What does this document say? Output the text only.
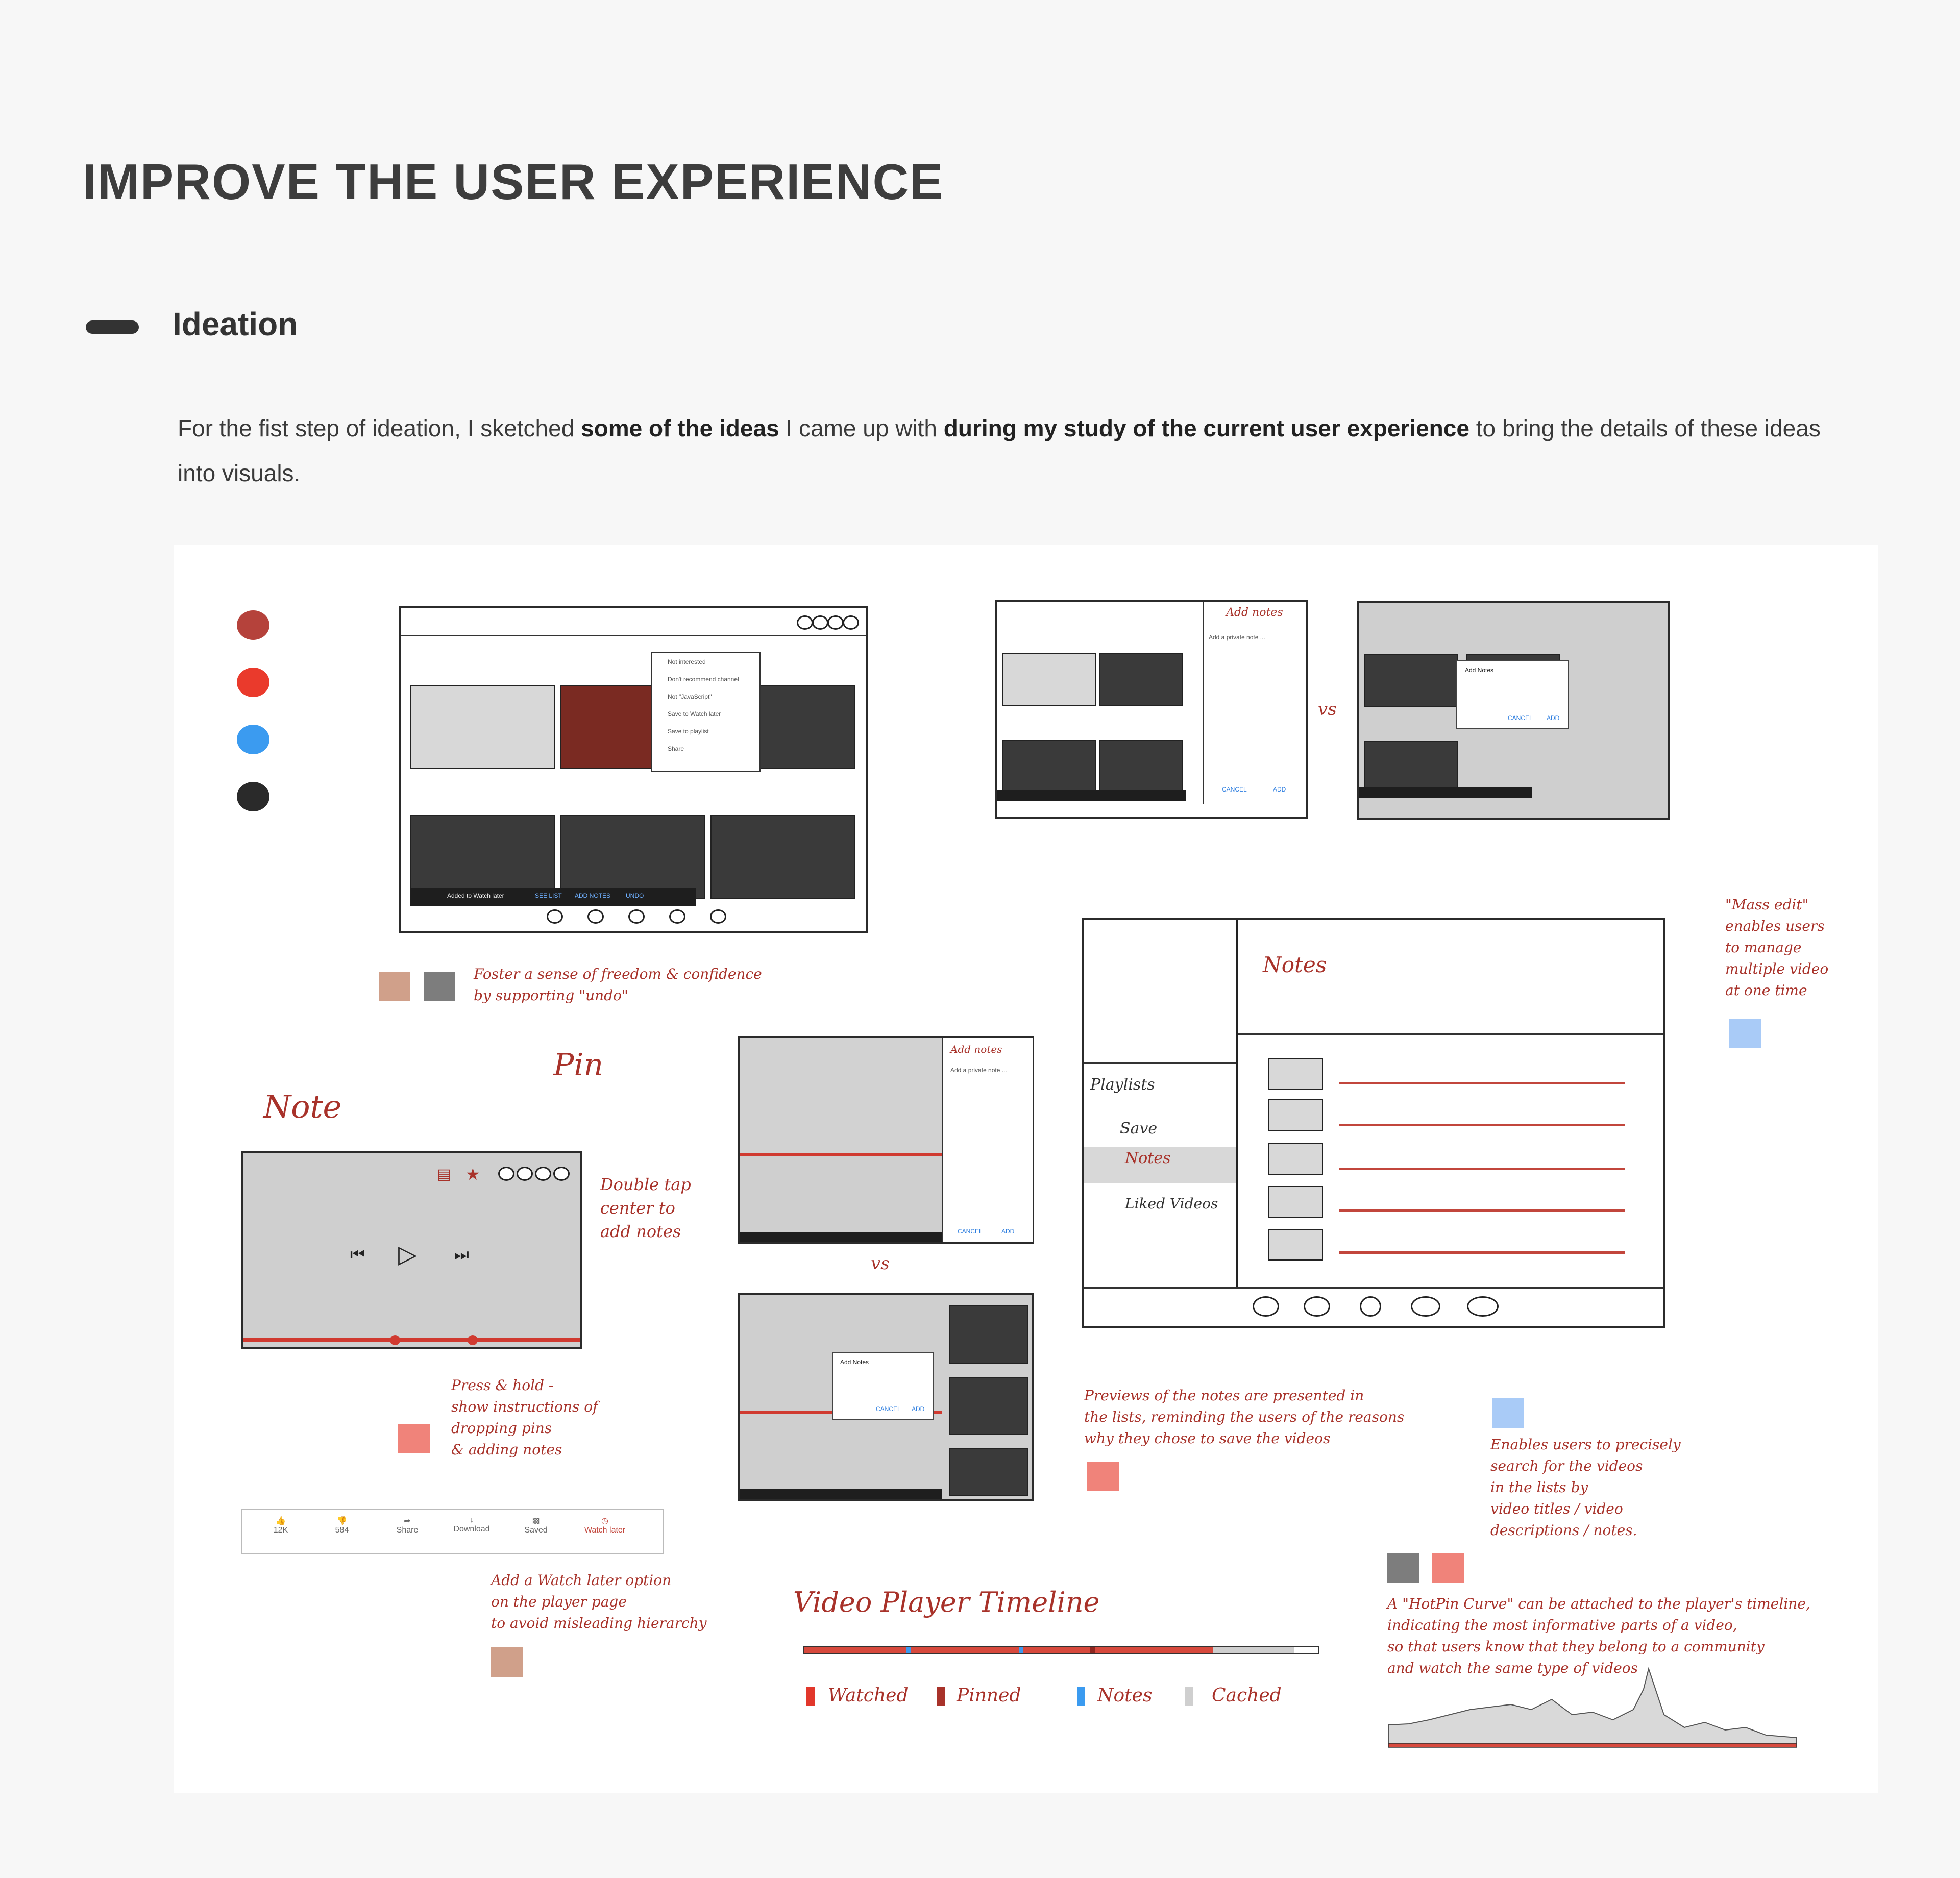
IMPROVE THE USER EXPERIENCE
Ideation
For the fist step of ideation, I sketched some of the ideas I came up with during my study of the current user experience to bring the details of these ideas into visuals.
Added to Watch later	SEE LIST ADD NOTES UNDO
Not interested
Don't recommend channel
Not "JavaScript"
Save to Watch later
Save to playlist
Share
Foster a sense of freedom & confidence
by supporting "undo"
Add notes
Add a private note ...
CANCEL	ADD
vs
Add Notes
CANCEL ADD
Playlists
Save
Notes
Liked Videos
Notes
"Mass edit"
enables users
to manage
multiple video
at one time
Note
Pin
▤ ★
⏮ ▷ ⏭
Double tap
center to
add notes
Press & hold -
show instructions of
dropping pins
& adding notes
Add notes
Add a private note ...
CANCEL	ADD
vs
Add Notes
CANCEL ADD
👍
12K
👎
584
➦
Share
↓
Download
▩
Saved
◷
Watch later
Add a Watch later option
on the player page
to avoid misleading hierarchy
Previews of the notes are presented in
the lists, reminding the users of the reasons
why they chose to save the videos	Enables users to precisely
search for the videos
in the lists by
video titles / video
descriptions / notes.
Video Player Timeline
Watched	Pinned	Notes	Cached
A "HotPin Curve" can be attached to the player's timeline,
indicating the most informative parts of a video,
so that users know that they belong to a community
and watch the same type of videos
